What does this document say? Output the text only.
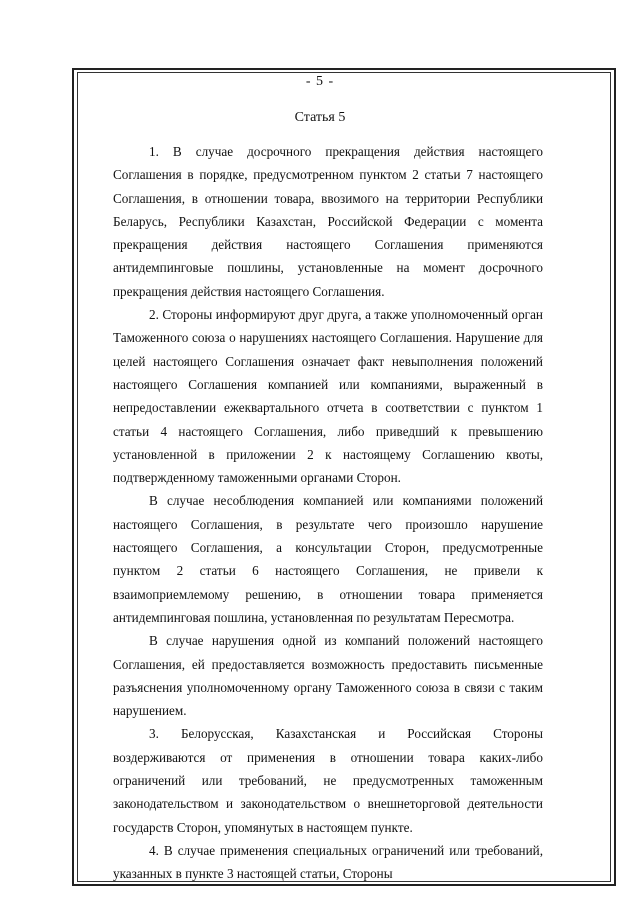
- 5 -
Статья 5

1. В случае досрочного прекращения действия настоящего Соглашения в порядке, предусмотренном пунктом 2 статьи 7 настоящего Соглашения, в отношении товара, ввозимого на территории Республики Беларусь, Республики Казахстан, Российской Федерации с момента прекращения действия настоящего Соглашения применяются антидемпинговые пошлины, установленные на момент досрочного прекращения действия настоящего Соглашения.

2. Стороны информируют друг друга, а также уполномоченный орган Таможенного союза о нарушениях настоящего Соглашения. Нарушение для целей настоящего Соглашения означает факт невыполнения положений настоящего Соглашения компанией или компаниями, выраженный в непредоставлении ежеквартального отчета в соответствии с пунктом 1 статьи 4 настоящего Соглашения, либо приведший к превышению установленной в приложении 2 к настоящему Соглашению квоты, подтвержденному таможенными органами Сторон.

В случае несоблюдения компанией или компаниями положений настоящего Соглашения, в результате чего произошло нарушение настоящего Соглашения, а консультации Сторон, предусмотренные пунктом 2 статьи 6 настоящего Соглашения, не привели к взаимоприемлемому решению, в отношении товара применяется антидемпинговая пошлина, установленная по результатам Пересмотра.

В случае нарушения одной из компаний положений настоящего Соглашения, ей предоставляется возможность предоставить письменные разъяснения уполномоченному органу Таможенного союза в связи с таким нарушением.

3. Белорусская, Казахстанская и Российская Стороны воздерживаются от применения в отношении товара каких-либо ограничений или требований, не предусмотренных таможенным законодательством и законодательством о внешнеторговой деятельности государств Сторон, упомянутых в настоящем пункте.

4. В случае применения специальных ограничений или требований, указанных в пункте 3 настоящей статьи, Стороны
